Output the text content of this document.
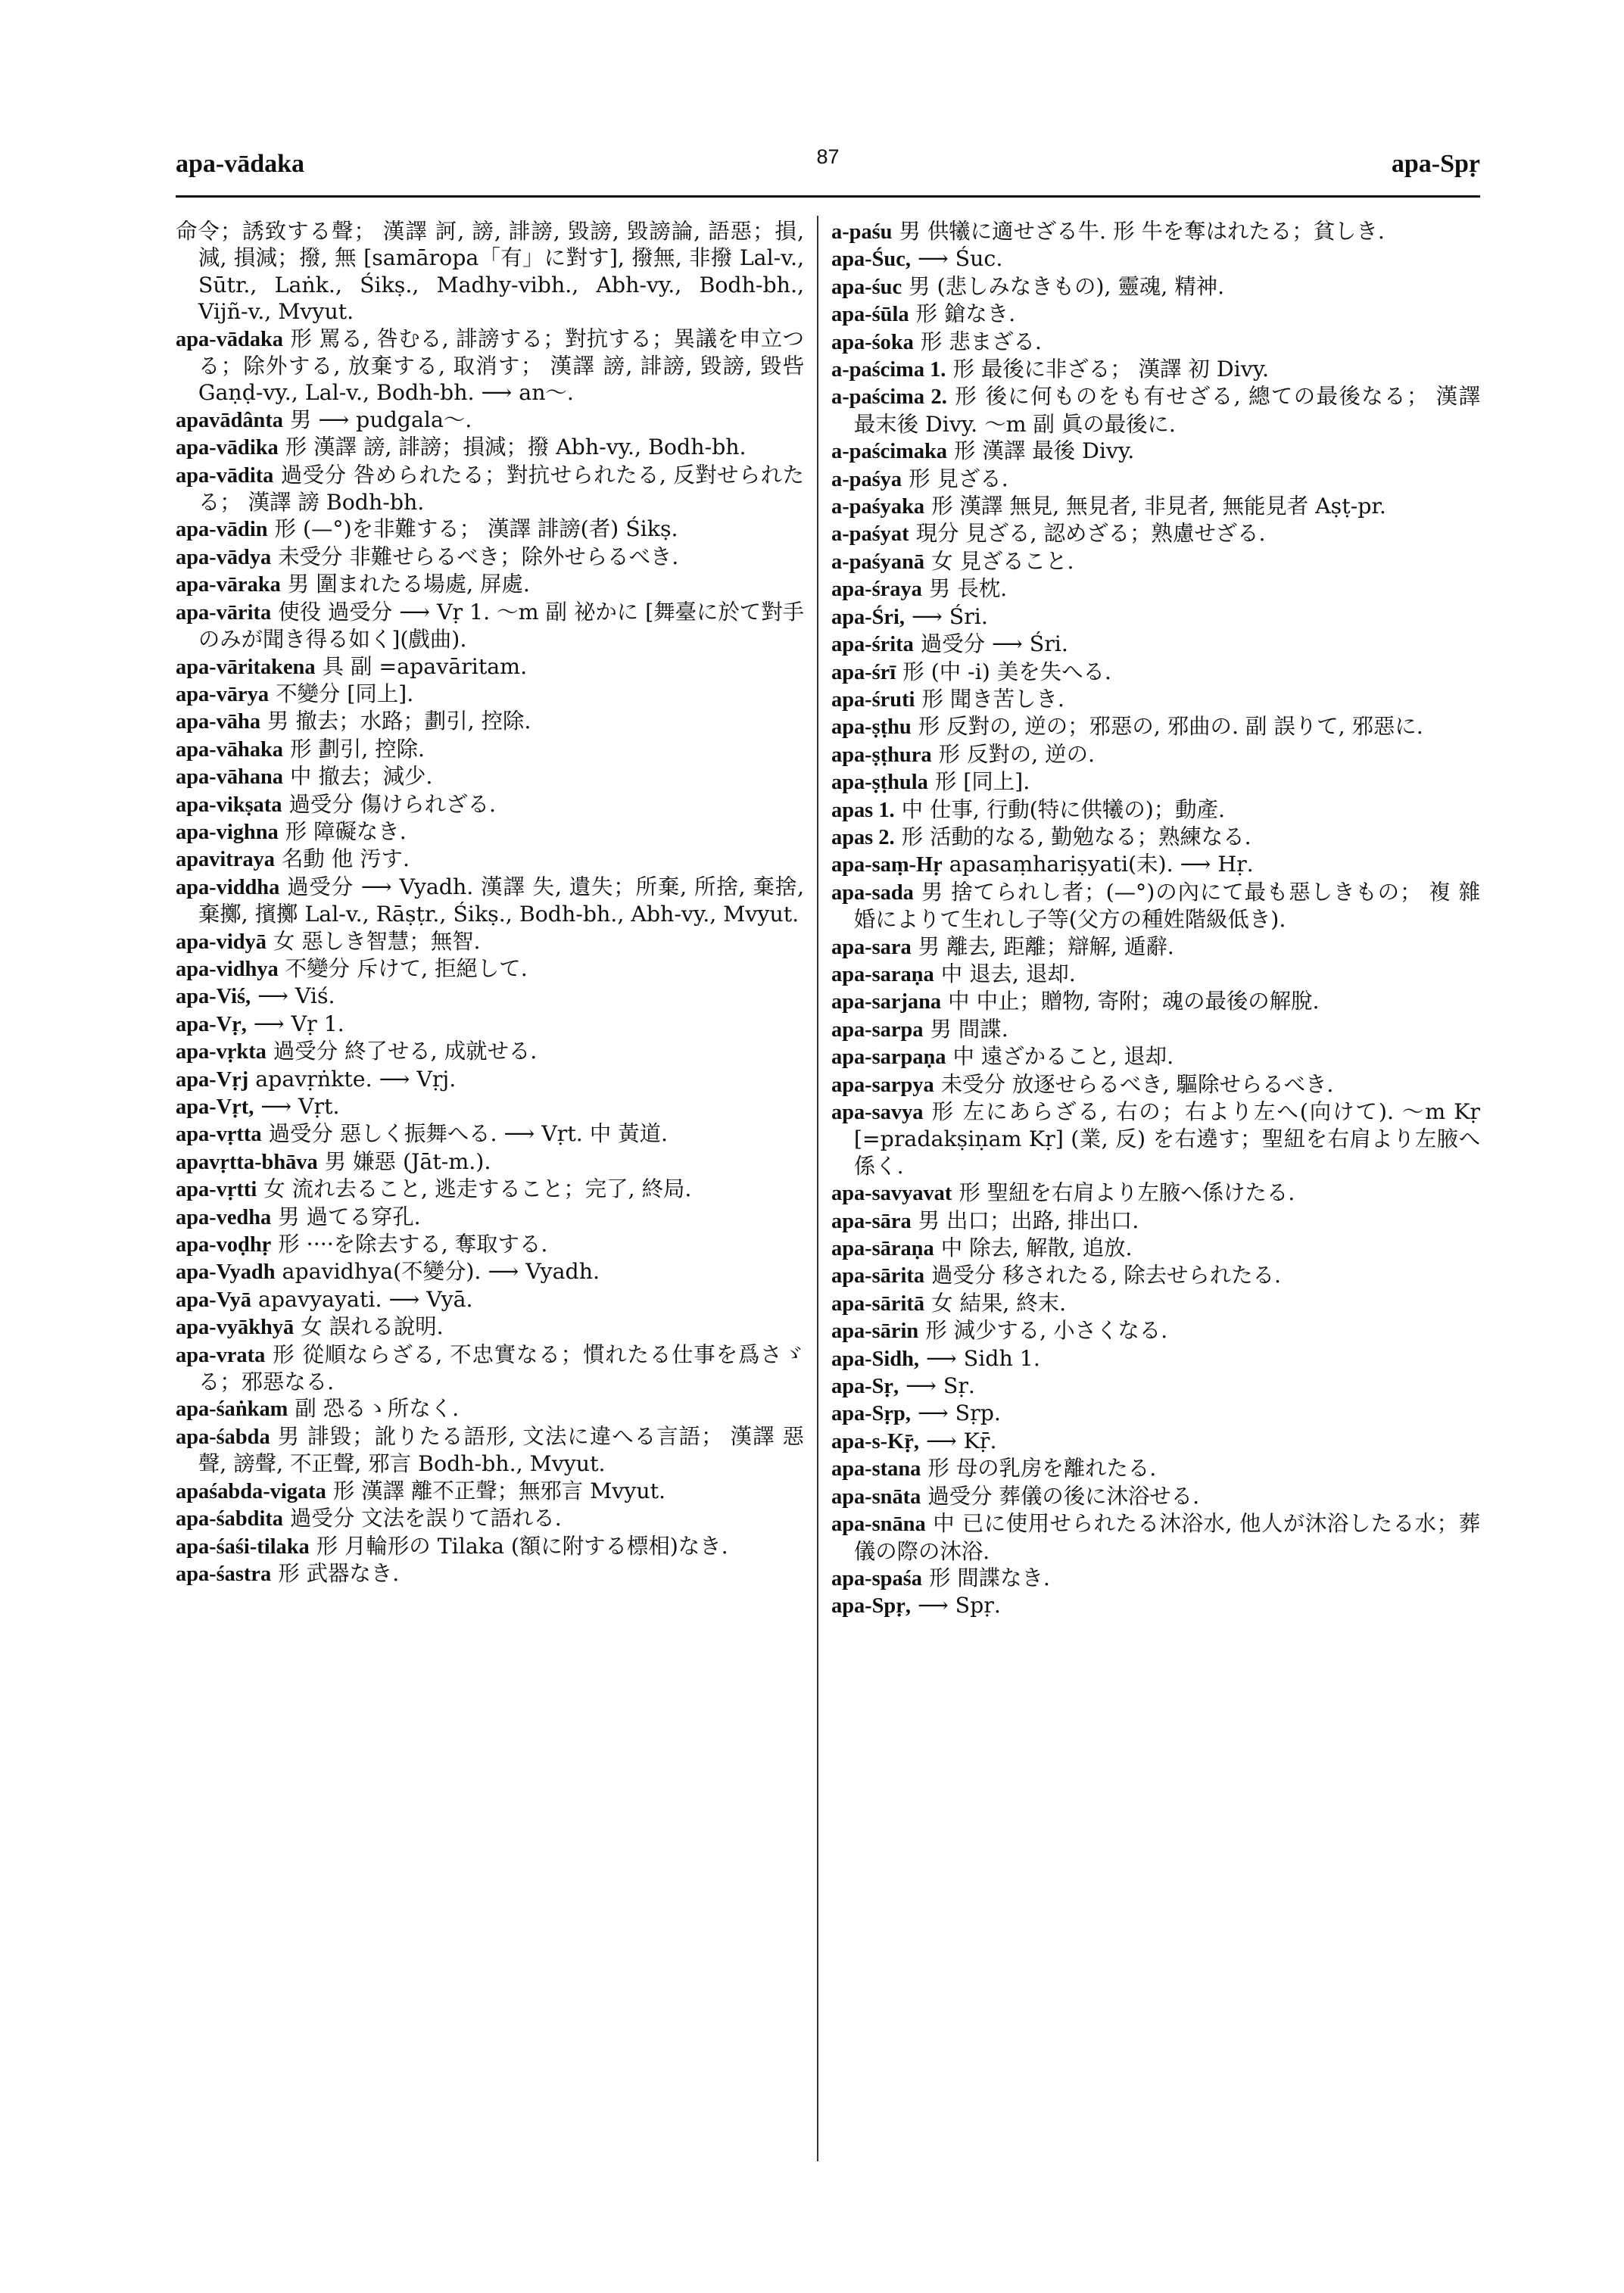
apa-vādaka	87	apa-Spṛ
命令；誘致する聲； 漢譯 訶, 謗, 誹謗, 毀謗, 毀謗論, 語惡；損, 減, 損減；撥, 無 [samāropa「有」に對す], 撥無, 非撥 Lal-v., Sūtr., Laṅk., Śikṣ., Madhy-vibh., Abh-vy., Bodh-bh., Vijñ-v., Mvyut.
apa-vādaka 形 罵る, 咎むる, 誹謗する；對抗する；異議を申立つる；除外する, 放棄する, 取消す； 漢譯 謗, 誹謗, 毀謗, 毀呰 Gaṇḍ-vy., Lal-v., Bodh-bh. ⟶ an〜.
apavādânta 男 ⟶ pudgala〜.
apa-vādika 形 漢譯 謗, 誹謗；損減；撥 Abh-vy., Bodh-bh.
apa-vādita 過受分 咎められたる；對抗せられたる, 反對せられたる； 漢譯 謗 Bodh-bh.
apa-vādin 形 (—°)を非難する； 漢譯 誹謗(者) Śikṣ.
apa-vādya 未受分 非難せらるべき；除外せらるべき.
apa-vāraka 男 圍まれたる場處, 屏處.
apa-vārita 使役 過受分 ⟶ Vṛ 1. 〜m 副 祕かに [舞臺に於て對手のみが聞き得る如く](戲曲).
apa-vāritakena 具 副 =apavāritam.
apa-vārya 不變分 [同上].
apa-vāha 男 撤去；水路；劃引, 控除.
apa-vāhaka 形 劃引, 控除.
apa-vāhana 中 撤去；減少.
apa-vikṣata 過受分 傷けられざる.
apa-vighna 形 障礙なき.
apavitraya 名動 他 汚す.
apa-viddha 過受分 ⟶ Vyadh. 漢譯 失, 遺失；所棄, 所捨, 棄捨, 棄擲, 擯擲 Lal-v., Rāṣṭr., Śikṣ., Bodh-bh., Abh-vy., Mvyut.
apa-vidyā 女 惡しき智慧；無智.
apa-vidhya 不變分 斥けて, 拒絕して.
apa-Viś, ⟶ Viś.
apa-Vṛ, ⟶ Vṛ 1.
apa-vṛkta 過受分 終了せる, 成就せる.
apa-Vṛj apavṛṅkte. ⟶ Vṛj.
apa-Vṛt, ⟶ Vṛt.
apa-vṛtta 過受分 惡しく振舞へる. ⟶ Vṛt. 中 黃道.
apavṛtta-bhāva 男 嫌惡 (Jāt-m.).
apa-vṛtti 女 流れ去ること, 逃走すること；完了, 終局.
apa-vedha 男 過てる穿孔.
apa-voḍhṛ 形 ····を除去する, 奪取する.
apa-Vyadh apavidhya(不變分). ⟶ Vyadh.
apa-Vyā apavyayati. ⟶ Vyā.
apa-vyākhyā 女 誤れる說明.
apa-vrata 形 從順ならざる, 不忠實なる；慣れたる仕事を爲さゞる；邪惡なる.
apa-śaṅkam 副 恐るゝ所なく.
apa-śabda 男 誹毀；訛りたる語形, 文法に違へる言語； 漢譯 惡聲, 謗聲, 不正聲, 邪言 Bodh-bh., Mvyut.
apaśabda-vigata 形 漢譯 離不正聲；無邪言 Mvyut.
apa-śabdita 過受分 文法を誤りて語れる.
apa-śaśi-tilaka 形 月輪形の Tilaka (額に附する標相)なき.
apa-śastra 形 武器なき.
a-paśu 男 供犧に適せざる牛. 形 牛を奪はれたる；貧しき.
apa-Śuc, ⟶ Śuc.
apa-śuc 男 (悲しみなきもの), 靈魂, 精神.
apa-śūla 形 鎗なき.
apa-śoka 形 悲まざる.
a-paścima 1. 形 最後に非ざる； 漢譯 初 Divy.
a-paścima 2. 形 後に何ものをも有せざる, 總ての最後なる； 漢譯 最末後 Divy. 〜m 副 眞の最後に.
a-paścimaka 形 漢譯 最後 Divy.
a-paśya 形 見ざる.
a-paśyaka 形 漢譯 無見, 無見者, 非見者, 無能見者 Aṣṭ-pr.
a-paśyat 現分 見ざる, 認めざる；熟慮せざる.
a-paśyanā 女 見ざること.
apa-śraya 男 長枕.
apa-Śri, ⟶ Śri.
apa-śrita 過受分 ⟶ Śri.
apa-śrī 形 (中 -i) 美を失へる.
apa-śruti 形 聞き苦しき.
apa-ṣṭhu 形 反對の, 逆の；邪惡の, 邪曲の. 副 誤りて, 邪惡に.
apa-ṣṭhura 形 反對の, 逆の.
apa-ṣṭhula 形 [同上].
apas 1. 中 仕事, 行動(特に供犧の)；動產.
apas 2. 形 活動的なる, 勤勉なる；熟練なる.
apa-saṃ-Hṛ apasaṃhariṣyati(未). ⟶ Hṛ.
apa-sada 男 捨てられし者；(—°)の內にて最も惡しきもの； 複 雜婚によりて生れし子等(父方の種姓階級低き).
apa-sara 男 離去, 距離；辯解, 遁辭.
apa-saraṇa 中 退去, 退却.
apa-sarjana 中 中止；贈物, 寄附；魂の最後の解脫.
apa-sarpa 男 間諜.
apa-sarpaṇa 中 遠ざかること, 退却.
apa-sarpya 未受分 放逐せらるべき, 驅除せらるべき.
apa-savya 形 左にあらざる, 右の；右より左へ(向けて). 〜m Kṛ [=pradakṣiṇam Kṛ] (業, 反) を右遶す；聖紐を右肩より左腋へ係く.
apa-savyavat 形 聖紐を右肩より左腋へ係けたる.
apa-sāra 男 出口；出路, 排出口.
apa-sāraṇa 中 除去, 解散, 追放.
apa-sārita 過受分 移されたる, 除去せられたる.
apa-sāritā 女 結果, 終末.
apa-sārin 形 減少する, 小さくなる.
apa-Sidh, ⟶ Sidh 1.
apa-Sṛ, ⟶ Sṛ.
apa-Sṛp, ⟶ Sṛp.
apa-s-Kṝ, ⟶ Kṝ.
apa-stana 形 母の乳房を離れたる.
apa-snāta 過受分 葬儀の後に沐浴せる.
apa-snāna 中 已に使用せられたる沐浴水, 他人が沐浴したる水；葬儀の際の沐浴.
apa-spaśa 形 間諜なき.
apa-Spṛ, ⟶ Spṛ.
